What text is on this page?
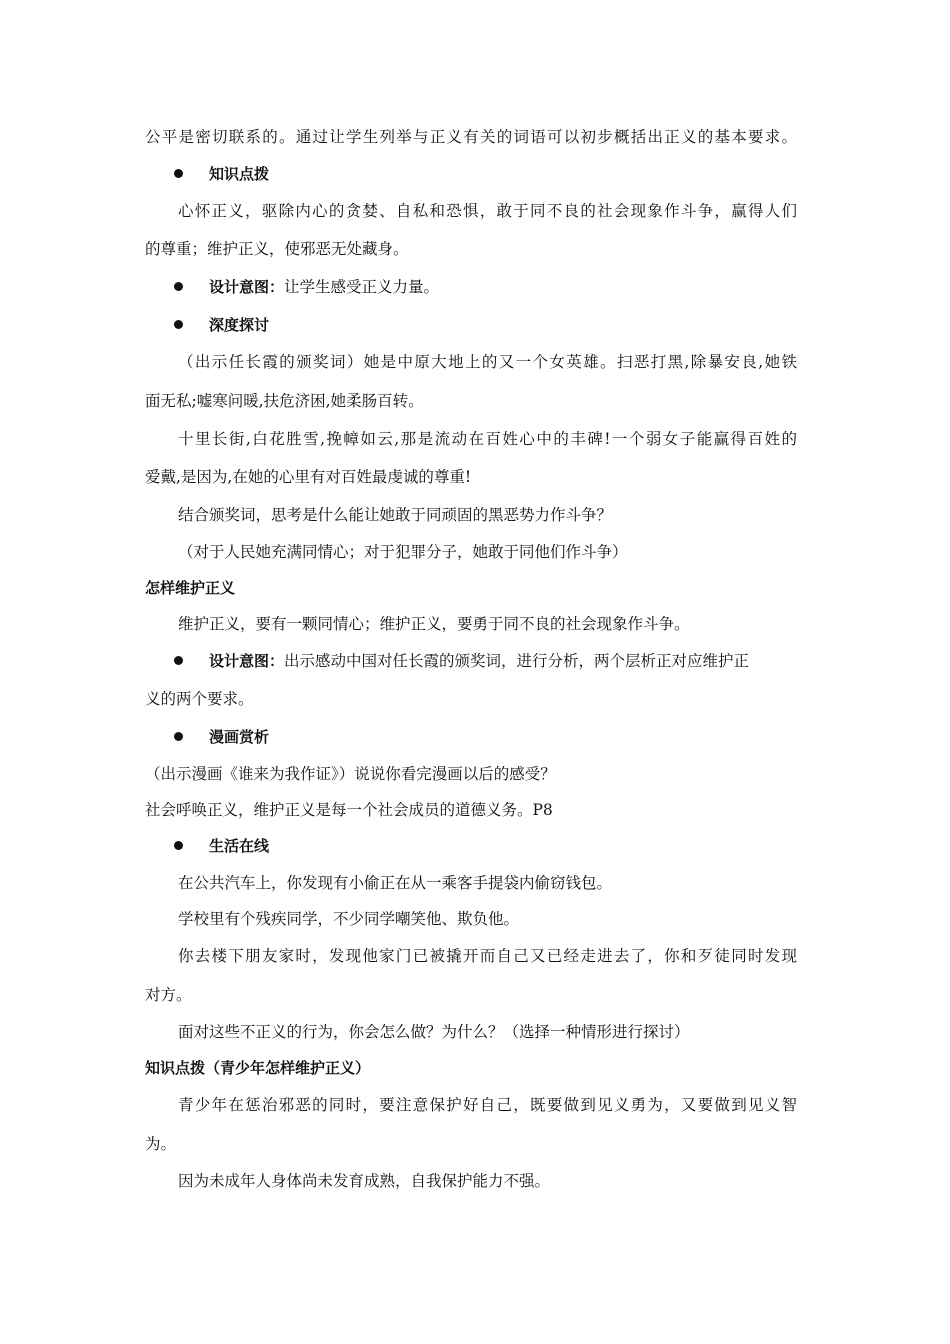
公平是密切联系的。通过让学生列举与正义有关的词语可以初步概括出正义的基本要求。
知识点拨
心怀正义，驱除内心的贪婪、自私和恐惧，敢于同不良的社会现象作斗争，赢得人们
的尊重；维护正义，使邪恶无处藏身。
设计意图：让学生感受正义力量。
深度探讨
（出示任长霞的颁奖词）她是中原大地上的又一个女英雄。扫恶打黑,除暴安良,她铁
面无私;嘘寒问暖,扶危济困,她柔肠百转。
十里长街,白花胜雪,挽幛如云,那是流动在百姓心中的丰碑!一个弱女子能赢得百姓的
爱戴,是因为,在她的心里有对百姓最虔诚的尊重!
结合颁奖词，思考是什么能让她敢于同顽固的黑恶势力作斗争？
（对于人民她充满同情心；对于犯罪分子，她敢于同他们作斗争）
怎样维护正义
维护正义，要有一颗同情心；维护正义，要勇于同不良的社会现象作斗争。
设计意图：出示感动中国对任长霞的颁奖词，进行分析，两个层析正对应维护正
义的两个要求。
漫画赏析
（出示漫画《谁来为我作证》）说说你看完漫画以后的感受？
社会呼唤正义，维护正义是每一个社会成员的道德义务。P8
生活在线
在公共汽车上，你发现有小偷正在从一乘客手提袋内偷窃钱包。
学校里有个残疾同学，不少同学嘲笑他、欺负他。
你去楼下朋友家时，发现他家门已被撬开而自己又已经走进去了，你和歹徒同时发现
对方。
面对这些不正义的行为，你会怎么做？为什么？（选择一种情形进行探讨）
知识点拨（青少年怎样维护正义）
青少年在惩治邪恶的同时，要注意保护好自己，既要做到见义勇为，又要做到见义智
为。
因为未成年人身体尚未发育成熟，自我保护能力不强。
